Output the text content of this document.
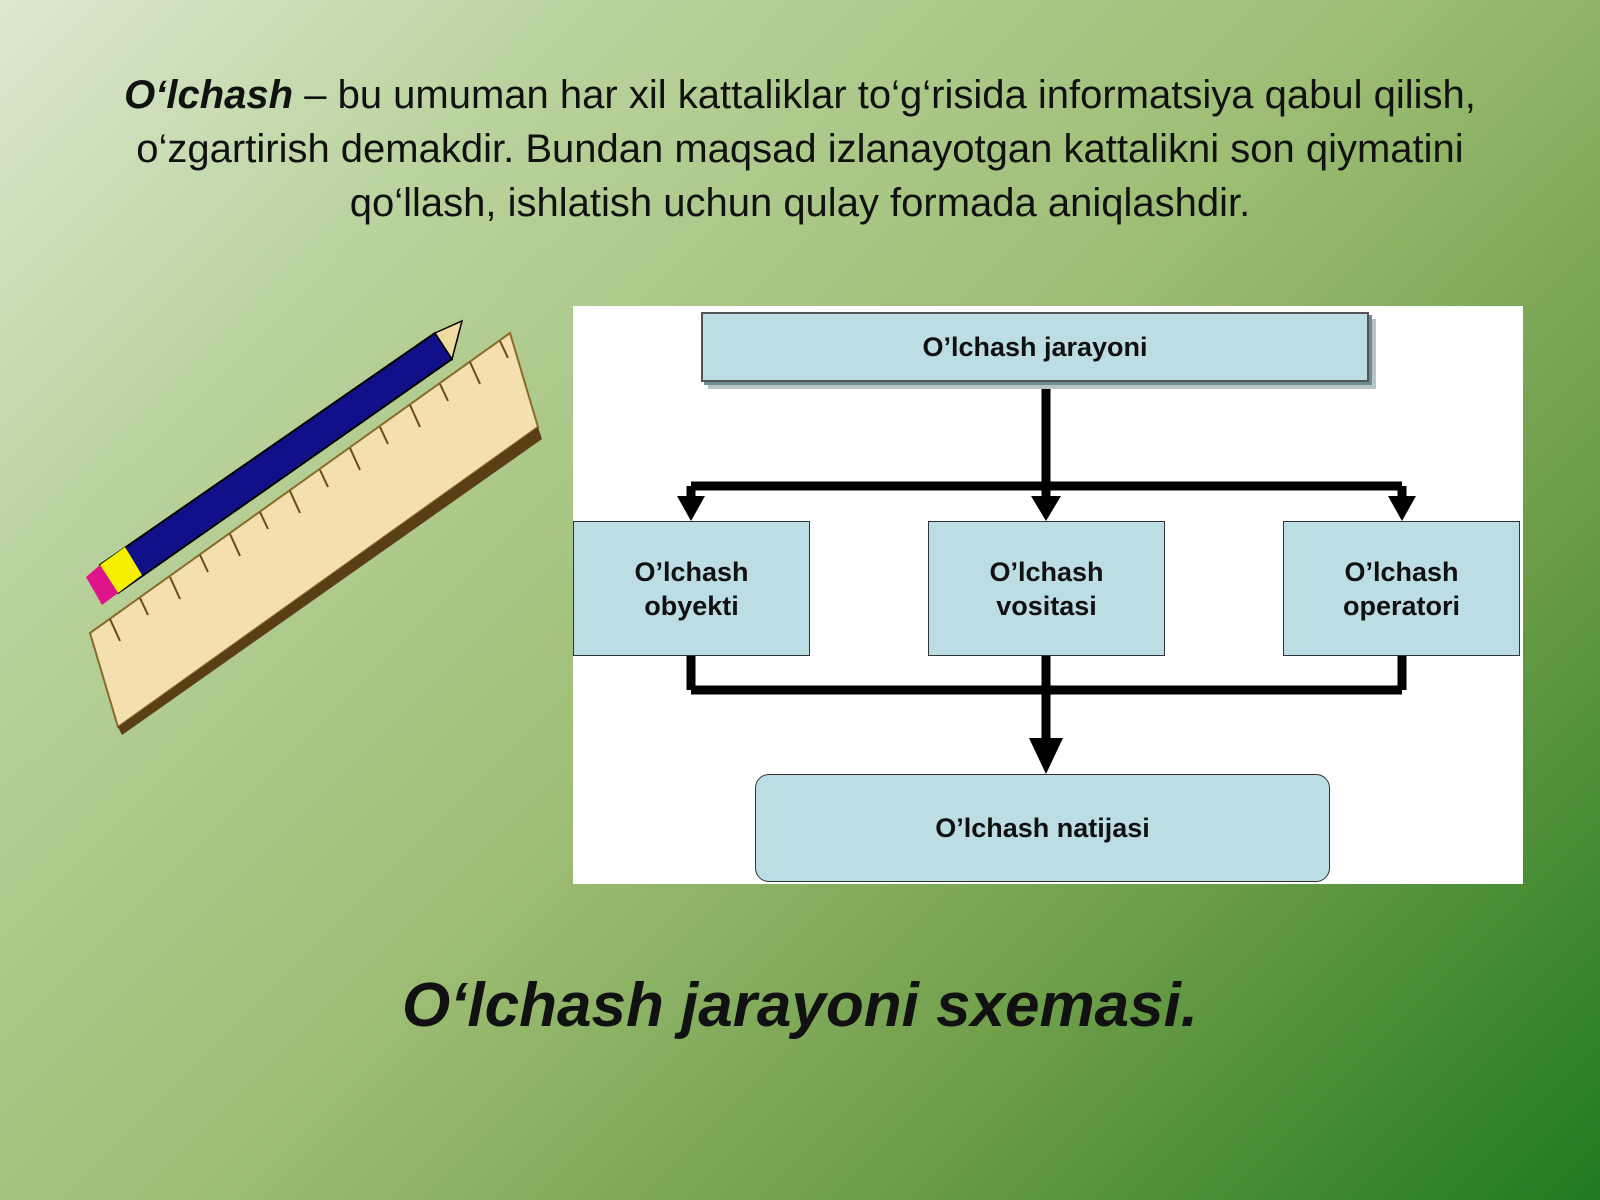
O‘lchash – bu umuman har xil kattaliklar to‘g‘risida informatsiya qabul qilish, o‘zgartirish demakdir. Bundan maqsad izlanayotgan kattalikni son qiymatini qo‘llash, ishlatish uchun qulay formada aniqlashdir.
O’lchash jarayoni
O’lchash
obyekti
O’lchash
vositasi
O’lchash
operatori
O’lchash natijasi
O‘lchash jarayoni sxemasi.
